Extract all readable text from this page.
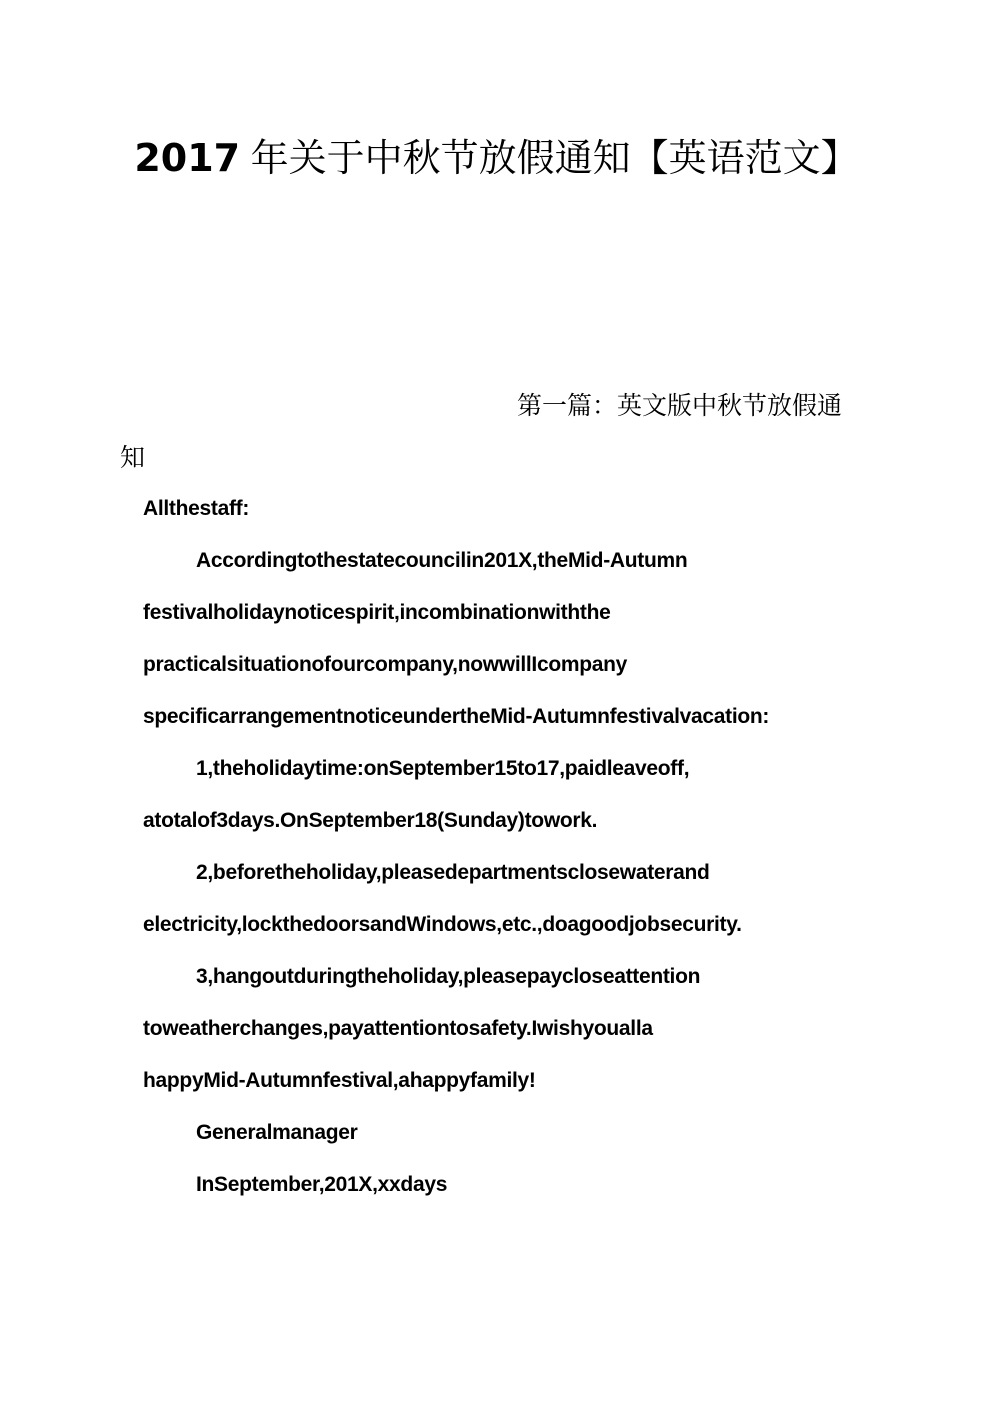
2017 年关于中秋节放假通知【英语范文】
第一篇：英文版中秋节放假通
知
Allthestaff:
Accordingtothestatecouncilin201X,theMid-Autumn
festivalholidaynoticespirit,incombinationwiththe
practicalsituationofourcompany,nowwillIcompany
specificarrangementnoticeundertheMid-Autumnfestivalvacation:
1,theholidaytime:onSeptember15to17,paidleaveoff,
atotalof3days.OnSeptember18(Sunday)towork.
2,beforetheholiday,pleasedepartmentsclosewaterand
electricity,lockthedoorsandWindows,etc.,doagoodjobsecurity.
3,hangoutduringtheholiday,pleasepaycloseattention
toweatherchanges,payattentiontosafety.Iwishyoualla
happyMid-Autumnfestival,ahappyfamily!
Generalmanager
InSeptember,201X,xxdays
